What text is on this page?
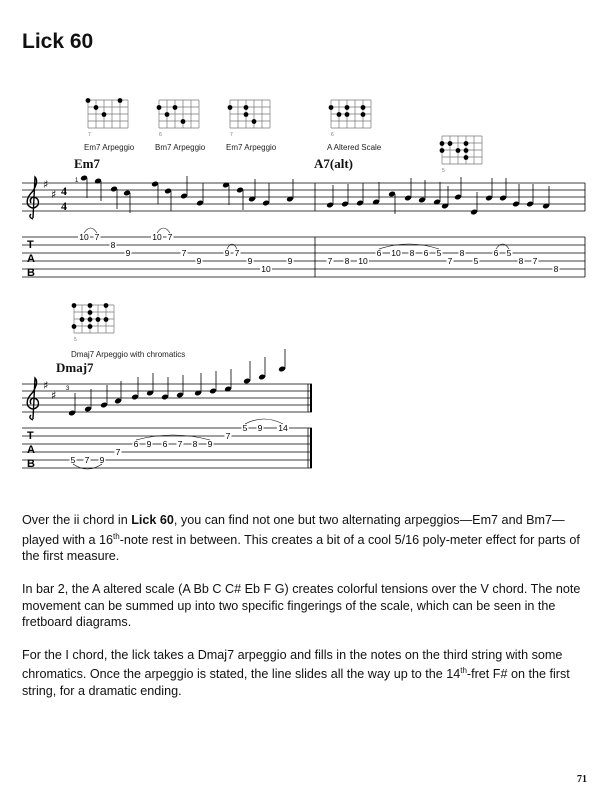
Lick 60
7	6	7	6
5
5
♯
♯ 4
4
1
T
A
B
10 7
8
9
10 7
7
9
9 7
9
10
9	7 8 10
6 10 8 6 5
7
8
5
6 5
8 7
8
♯
♯ 3
T
A
B	5 7 9
7
6 9 6 7 8 9
7
5 9 14
Em7 Arpeggio	Bm7 Arpeggio	Em7 Arpeggio	A Altered Scale
Dmaj7 Arpeggio with chromatics
Em7	A7(alt)
Dmaj7

Over the ii chord in Lick 60, you can find not one but two alternating arpeggios—Em7 and Bm7—played with a 16th-note rest in between. This creates a bit of a cool 5/16 poly-meter effect for parts of the first measure.

In bar 2, the A altered scale (A Bb C C# Eb F G) creates colorful tensions over the V chord. The note movement can be summed up into two specific fingerings of the scale, which can be seen in the fretboard diagrams.

For the I chord, the lick takes a Dmaj7 arpeggio and fills in the notes on the third string with some chromatics. Once the arpeggio is stated, the line slides all the way up to the 14th-fret F# on the first string, for a dramatic ending.

71
